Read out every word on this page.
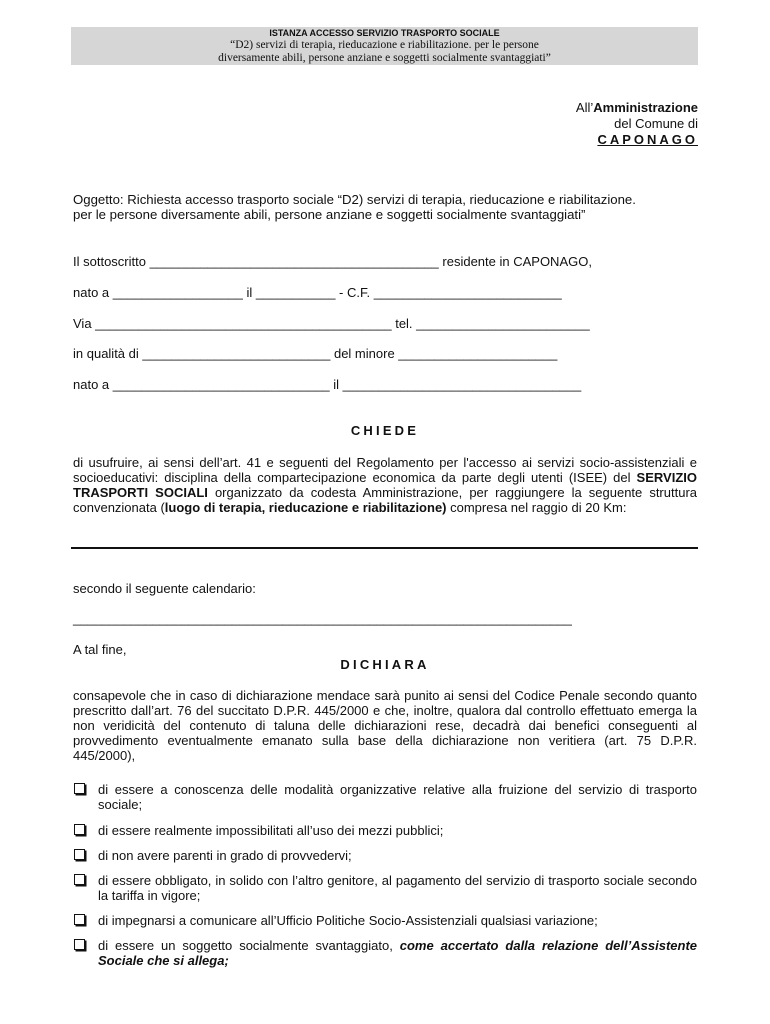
ISTANZA ACCESSO SERVIZIO TRASPORTO SOCIALE
“D2) servizi di terapia, rieducazione e riabilitazione. per le persone
diversamente abili, persone anziane e soggetti socialmente svantaggiati”
All’Amministrazione
del Comune di
CAPONAGO
Oggetto: Richiesta accesso trasporto sociale “D2) servizi di terapia, rieducazione e riabilitazione.
per le persone diversamente abili, persone anziane e soggetti socialmente svantaggiati”
Il sottoscritto ________________________________________ residente in CAPONAGO,
nato a __________________ il ___________ - C.F. __________________________
Via _________________________________________ tel. ________________________
in qualità di __________________________ del minore ______________________
nato a ______________________________ il _________________________________
CHIEDE
di usufruire, ai sensi dell’art. 41 e seguenti del Regolamento per l'accesso ai servizi socio-assistenziali e socioeducativi: disciplina della compartecipazione economica da parte degli utenti (ISEE) del SERVIZIO TRASPORTI SOCIALI organizzato da codesta Amministrazione, per raggiungere la seguente struttura convenzionata (luogo di terapia, rieducazione e riabilitazione) compresa nel raggio di 20 Km:
secondo il seguente calendario:
_____________________________________________________________________
A tal fine,
DICHIARA
consapevole che in caso di dichiarazione mendace sarà punito ai sensi del Codice Penale secondo quanto prescritto dall’art. 76 del succitato D.P.R. 445/2000 e che, inoltre, qualora dal controllo effettuato emerga la non veridicità del contenuto di taluna delle dichiarazioni rese, decadrà dai benefici conseguenti al provvedimento eventualmente emanato sulla base della dichiarazione non veritiera (art. 75 D.P.R. 445/2000),
di essere a conoscenza delle modalità organizzative relative alla fruizione del servizio di trasporto sociale;
di essere realmente impossibilitati all’uso dei mezzi pubblici;
di non avere parenti in grado di provvedervi;
di essere obbligato, in solido con l’altro genitore, al pagamento del servizio di trasporto sociale secondo la tariffa in vigore;
di impegnarsi a comunicare all’Ufficio Politiche Socio-Assistenziali qualsiasi variazione;
di essere un soggetto socialmente svantaggiato, come accertato dalla relazione dell’Assistente Sociale che si allega;
